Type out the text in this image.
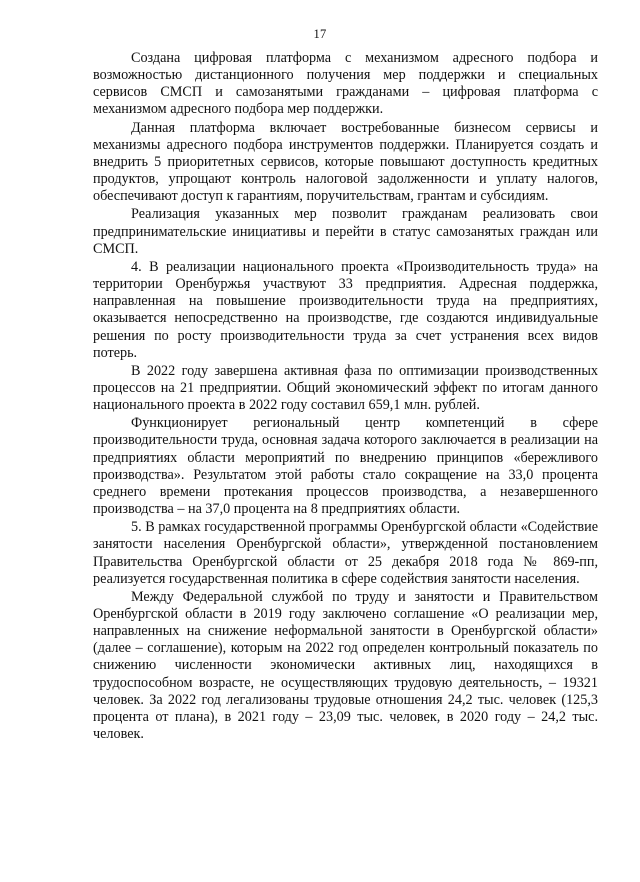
17

Создана цифровая платформа с механизмом адресного подбора и возможностью дистанционного получения мер поддержки и специальных сервисов СМСП и самозанятыми гражданами – цифровая платформа с механизмом адресного подбора мер поддержки.

Данная платформа включает востребованные бизнесом сервисы и механизмы адресного подбора инструментов поддержки. Планируется создать и внедрить 5 приоритетных сервисов, которые повышают доступность кредитных продуктов, упрощают контроль налоговой задолженности и уплату налогов, обеспечивают доступ к гарантиям, поручительствам, грантам и субсидиям.

Реализация указанных мер позволит гражданам реализовать свои предпринимательские инициативы и перейти в статус самозанятых граждан или СМСП.

4. В реализации национального проекта «Производительность труда» на территории Оренбуржья участвуют 33 предприятия. Адресная поддержка, направленная на повышение производительности труда на предприятиях, оказывается непосредственно на производстве, где создаются индивидуальные решения по росту производительности труда за счет устранения всех видов потерь.

В 2022 году завершена активная фаза по оптимизации производственных процессов на 21 предприятии. Общий экономический эффект по итогам данного национального проекта в 2022 году составил 659,1 млн. рублей.

Функционирует региональный центр компетенций в сфере производительности труда, основная задача которого заключается в реализации на предприятиях области мероприятий по внедрению принципов «бережливого производства». Результатом этой работы стало сокращение на 33,0 процента среднего времени протекания процессов производства, а незавершенного производства – на 37,0 процента на 8 предприятиях области.

5. В рамках государственной программы Оренбургской области «Содействие занятости населения Оренбургской области», утвержденной постановлением Правительства Оренбургской области от 25 декабря 2018 года № 869-пп, реализуется государственная политика в сфере содействия занятости населения.

Между Федеральной службой по труду и занятости и Правительством Оренбургской области в 2019 году заключено соглашение «О реализации мер, направленных на снижение неформальной занятости в Оренбургской области» (далее – соглашение), которым на 2022 год определен контрольный показатель по снижению численности экономически активных лиц, находящихся в трудоспособном возрасте, не осуществляющих трудовую деятельность, – 19321 человек. За 2022 год легализованы трудовые отношения 24,2 тыс. человек (125,3 процента от плана), в 2021 году – 23,09 тыс. человек, в 2020 году – 24,2 тыс. человек.
